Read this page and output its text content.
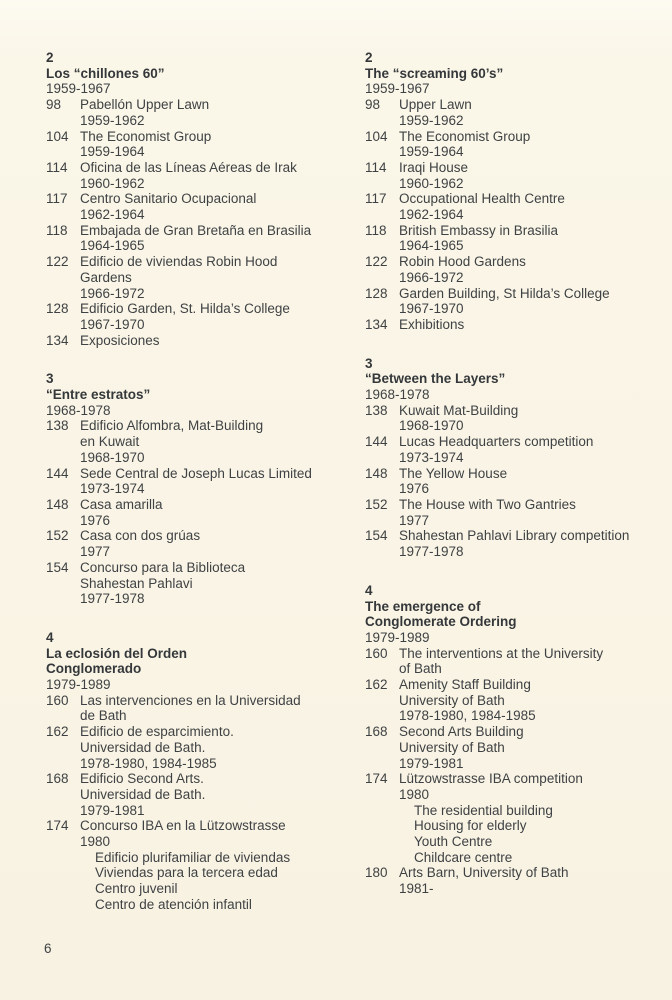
2
Los “chillones 60”
1959-1967
98	Pabellón Upper Lawn
1959-1962
104 The Economist Group
1959-1964
114 Oficina de las Líneas Aéreas de Irak
1960-1962
117 Centro Sanitario Ocupacional
1962-1964
118 Embajada de Gran Bretaña en Brasilia
1964-1965
122 Edificio de viviendas Robin Hood
Gardens
1966-1972
128 Edificio Garden, St. Hilda’s College
1967-1970
134 Exposiciones
3
“Entre estratos”
1968-1978
138 Edificio Alfombra, Mat-Building
en Kuwait
1968-1970
144 Sede Central de Joseph Lucas Limited
1973-1974
148 Casa amarilla
1976
152 Casa con dos grúas
1977
154 Concurso para la Biblioteca
Shahestan Pahlavi
1977-1978
4
La eclosión del Orden
Conglomerado
1979-1989
160 Las intervenciones en la Universidad
de Bath
162 Edificio de esparcimiento.
Universidad de Bath.
1978-1980, 1984-1985
168 Edificio Second Arts.
Universidad de Bath.
1979-1981
174 Concurso IBA en la Lützowstrasse
1980
Edificio plurifamiliar de viviendas
Viviendas para la tercera edad
Centro juvenil
Centro de atención infantil
2
The “screaming 60’s”
1959-1967
98	Upper Lawn
1959-1962
104 The Economist Group
1959-1964
114 Iraqi House
1960-1962
117 Occupational Health Centre
1962-1964
118 British Embassy in Brasilia
1964-1965
122 Robin Hood Gardens
1966-1972
128 Garden Building, St Hilda’s College
1967-1970
134 Exhibitions
3
“Between the Layers”
1968-1978
138 Kuwait Mat-Building
1968-1970
144 Lucas Headquarters competition
1973-1974
148 The Yellow House
1976
152 The House with Two Gantries
1977
154 Shahestan Pahlavi Library competition
1977-1978
4
The emergence of
Conglomerate Ordering
1979-1989
160 The interventions at the University
of Bath
162 Amenity Staff Building
University of Bath
1978-1980, 1984-1985
168 Second Arts Building
University of Bath
1979-1981
174 Lützowstrasse IBA competition
1980
The residential building
Housing for elderly
Youth Centre
Childcare centre
180 Arts Barn, University of Bath
1981-
6
